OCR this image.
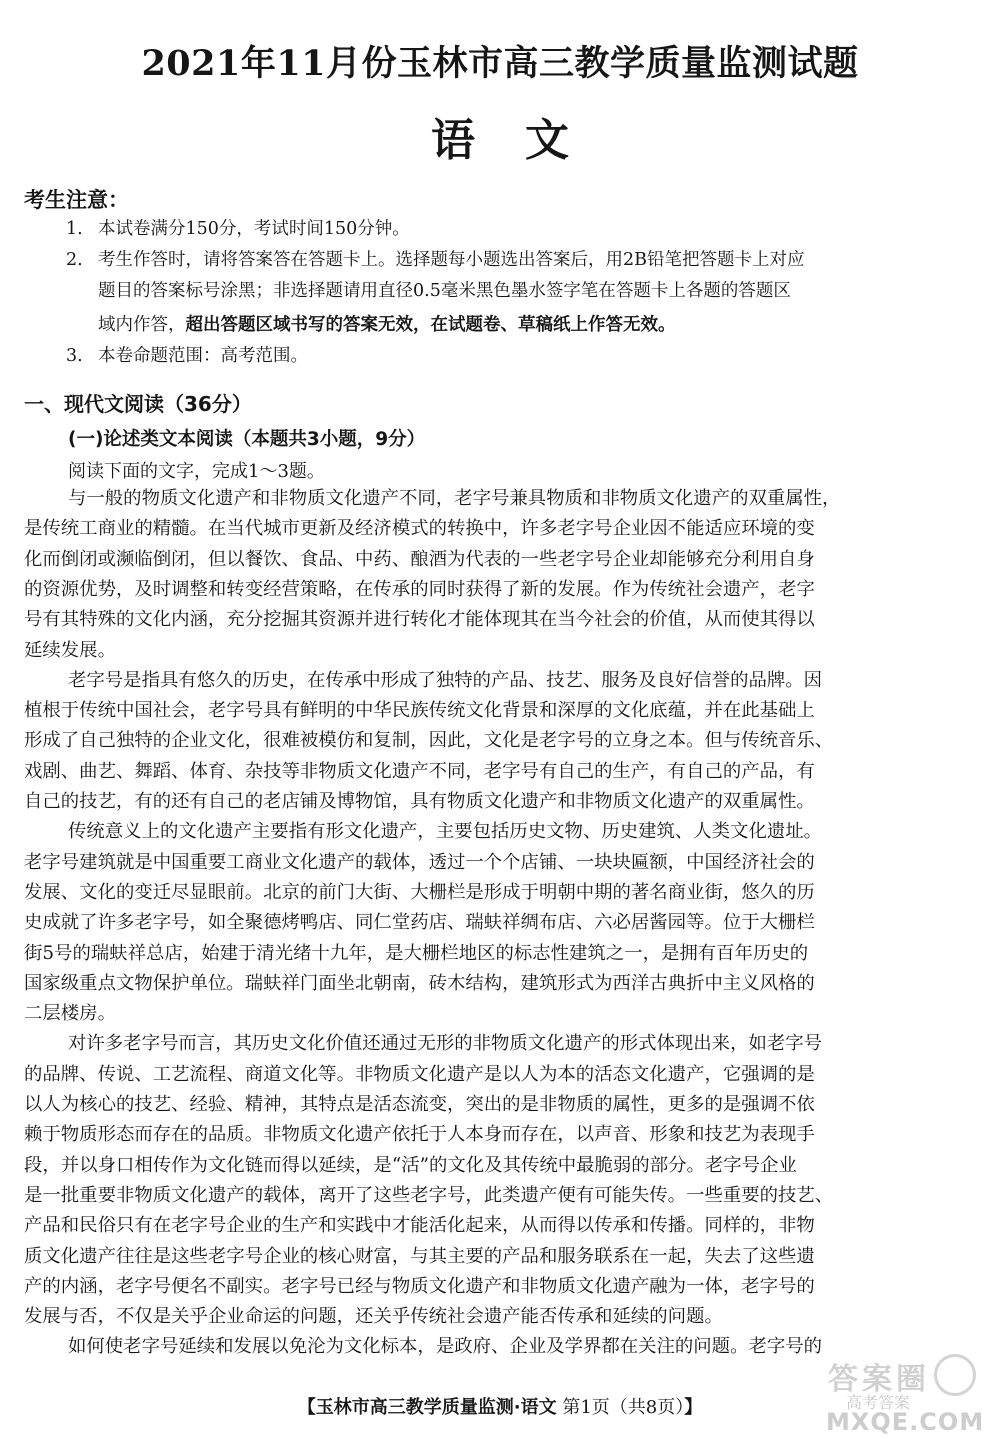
2021年11月份玉林市高三教学质量监测试题
语文
考生注意：
1. 本试卷满分150分，考试时间150分钟。
2. 考生作答时，请将答案答在答题卡上。选择题每小题选出答案后，用2B铅笔把答题卡上对应
题目的答案标号涂黑；非选择题请用直径0.5毫米黑色墨水签字笔在答题卡上各题的答题区
域内作答，超出答题区域书写的答案无效，在试题卷、草稿纸上作答无效。
3. 本卷命题范围：高考范围。
一、现代文阅读（36分）
(一)论述类文本阅读（本题共3小题，9分）
阅读下面的文字，完成1～3题。
与一般的物质文化遗产和非物质文化遗产不同，老字号兼具物质和非物质文化遗产的双重属性，
是传统工商业的精髓。在当代城市更新及经济模式的转换中，许多老字号企业因不能适应环境的变
化而倒闭或濒临倒闭，但以餐饮、食品、中药、酿酒为代表的一些老字号企业却能够充分利用自身
的资源优势，及时调整和转变经营策略，在传承的同时获得了新的发展。作为传统社会遗产，老字
号有其特殊的文化内涵，充分挖掘其资源并进行转化才能体现其在当今社会的价值，从而使其得以
延续发展。
老字号是指具有悠久的历史，在传承中形成了独特的产品、技艺、服务及良好信誉的品牌。因
植根于传统中国社会，老字号具有鲜明的中华民族传统文化背景和深厚的文化底蕴，并在此基础上
形成了自己独特的企业文化，很难被模仿和复制，因此，文化是老字号的立身之本。但与传统音乐、
戏剧、曲艺、舞蹈、体育、杂技等非物质文化遗产不同，老字号有自己的生产，有自己的产品，有
自己的技艺，有的还有自己的老店铺及博物馆，具有物质文化遗产和非物质文化遗产的双重属性。
传统意义上的文化遗产主要指有形文化遗产，主要包括历史文物、历史建筑、人类文化遗址。
老字号建筑就是中国重要工商业文化遗产的载体，透过一个个店铺、一块块匾额，中国经济社会的
发展、文化的变迁尽显眼前。北京的前门大街、大栅栏是形成于明朝中期的著名商业街，悠久的历
史成就了许多老字号，如全聚德烤鸭店、同仁堂药店、瑞蚨祥绸布店、六必居酱园等。位于大栅栏
街5号的瑞蚨祥总店，始建于清光绪十九年，是大栅栏地区的标志性建筑之一，是拥有百年历史的
国家级重点文物保护单位。瑞蚨祥门面坐北朝南，砖木结构，建筑形式为西洋古典折中主义风格的
二层楼房。
对许多老字号而言，其历史文化价值还通过无形的非物质文化遗产的形式体现出来，如老字号
的品牌、传说、工艺流程、商道文化等。非物质文化遗产是以人为本的活态文化遗产，它强调的是
以人为核心的技艺、经验、精神，其特点是活态流变，突出的是非物质的属性，更多的是强调不依
赖于物质形态而存在的品质。非物质文化遗产依托于人本身而存在，以声音、形象和技艺为表现手
段，并以身口相传作为文化链而得以延续，是“活”的文化及其传统中最脆弱的部分。老字号企业
是一批重要非物质文化遗产的载体，离开了这些老字号，此类遗产便有可能失传。一些重要的技艺、
产品和民俗只有在老字号企业的生产和实践中才能活化起来，从而得以传承和传播。同样的，非物
质文化遗产往往是这些老字号企业的核心财富，与其主要的产品和服务联系在一起，失去了这些遗
产的内涵，老字号便名不副实。老字号已经与物质文化遗产和非物质文化遗产融为一体，老字号的
发展与否，不仅是关乎企业命运的问题，还关乎传统社会遗产能否传承和延续的问题。
如何使老字号延续和发展以免沦为文化标本，是政府、企业及学界都在关注的问题。老字号的
【玉林市高三教学质量监测·语文 第1页（共8页）】
答案圈
高考答案
MXQE.COM
